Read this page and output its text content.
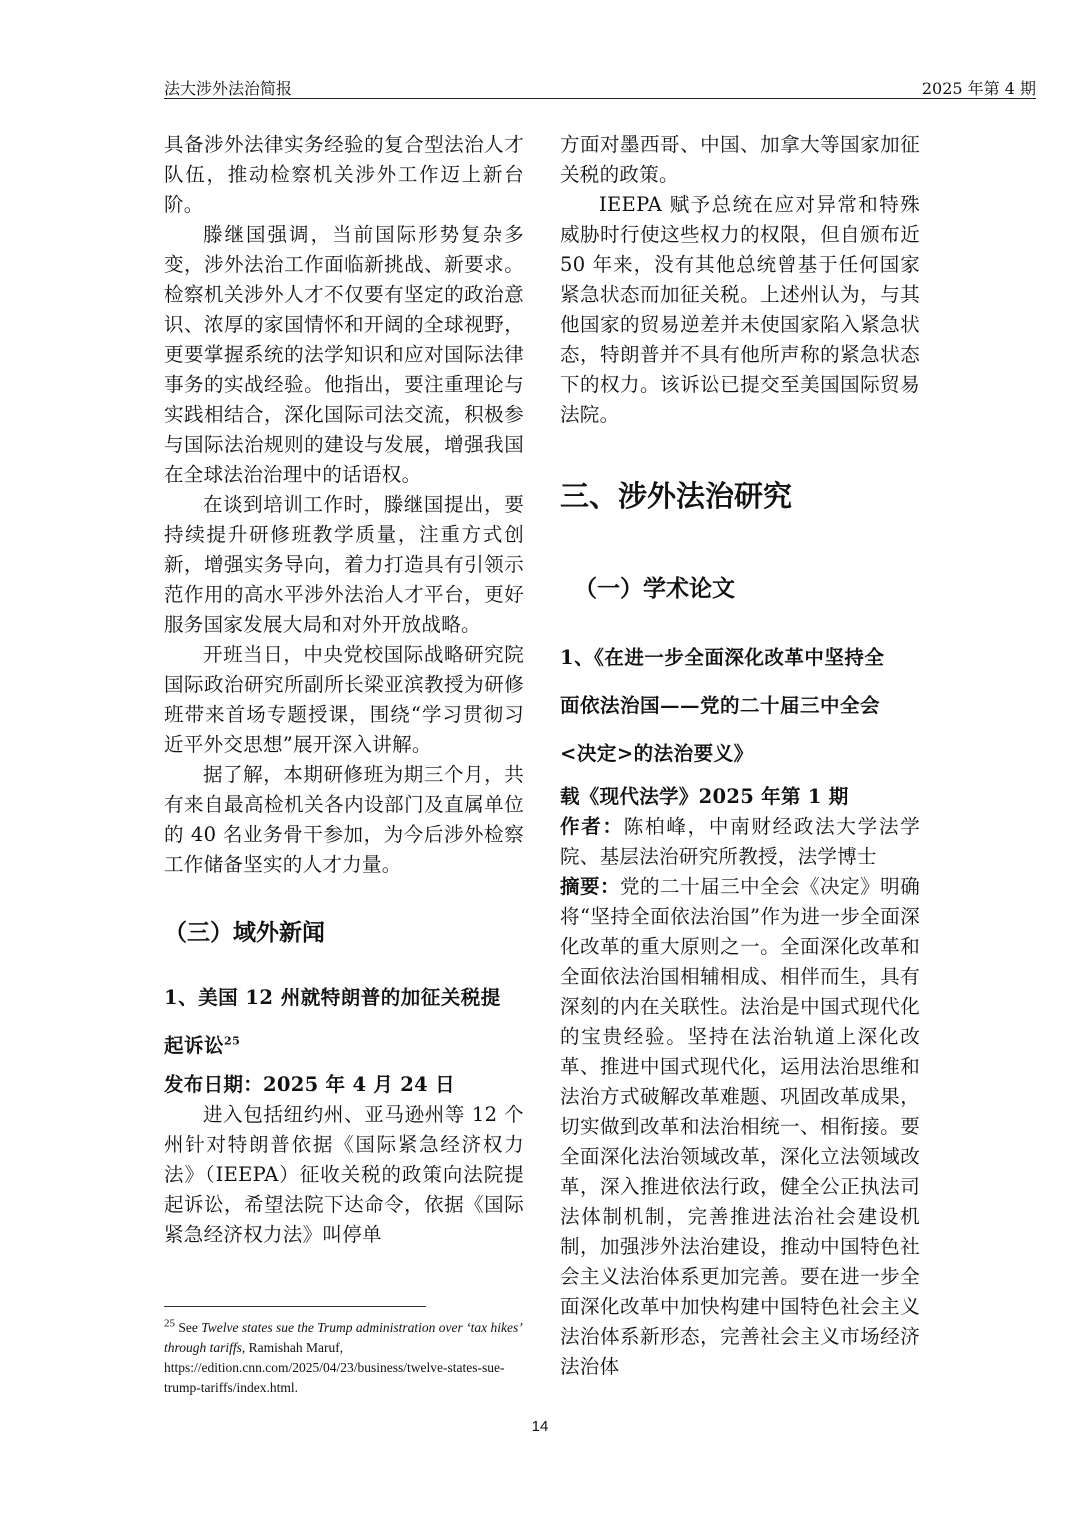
法大涉外法治简报	2025 年第 4 期

具备涉外法律实务经验的复合型法治人才队伍，推动检察机关涉外工作迈上新台阶。

滕继国强调，当前国际形势复杂多变，涉外法治工作面临新挑战、新要求。检察机关涉外人才不仅要有坚定的政治意识、浓厚的家国情怀和开阔的全球视野，更要掌握系统的法学知识和应对国际法律事务的实战经验。他指出，要注重理论与实践相结合，深化国际司法交流，积极参与国际法治规则的建设与发展，增强我国在全球法治治理中的话语权。

在谈到培训工作时，滕继国提出，要持续提升研修班教学质量，注重方式创新，增强实务导向，着力打造具有引领示范作用的高水平涉外法治人才平台，更好服务国家发展大局和对外开放战略。

开班当日，中央党校国际战略研究院国际政治研究所副所长梁亚滨教授为研修班带来首场专题授课，围绕“学习贯彻习近平外交思想”展开深入讲解。

据了解，本期研修班为期三个月，共有来自最高检机关各内设部门及直属单位的 40 名业务骨干参加，为今后涉外检察工作储备坚实的人才力量。

（三）域外新闻

1、美国 12 州就特朗普的加征关税提

起诉讼$^{25}$

发布日期：2025 年 4 月 24 日

进入包括纽约州、亚马逊州等 12 个州针对特朗普依据《国际紧急经济权力法》（IEEPA）征收关税的政策向法院提起诉讼，希望法院下达命令，依据《国际紧急经济权力法》叫停单

$^{25}$ See Twelve states sue the Trump administration over ‘tax hikes’ through tariffs, Ramishah Maruf, https://edition.cnn.com/2025/04/23/business/twelve-states-sue-trump-tariffs/index.html.

方面对墨西哥、中国、加拿大等国家加征关税的政策。

IEEPA 赋予总统在应对异常和特殊威胁时行使这些权力的权限，但自颁布近 50 年来，没有其他总统曾基于任何国家紧急状态而加征关税。上述州认为，与其他国家的贸易逆差并未使国家陷入紧急状态，特朗普并不具有他所声称的紧急状态下的权力。该诉讼已提交至美国国际贸易法院。

三、涉外法治研究
（一）学术论文

1、《在进一步全面深化改革中坚持全

面依法治国——党的二十届三中全会

<决定>的法治要义》

载《现代法学》2025 年第 1 期

作者：陈柏峰，中南财经政法大学法学院、基层法治研究所教授，法学博士

摘要：党的二十届三中全会《决定》明确将“坚持全面依法治国”作为进一步全面深化改革的重大原则之一。全面深化改革和全面依法治国相辅相成、相伴而生，具有深刻的内在关联性。法治是中国式现代化的宝贵经验。坚持在法治轨道上深化改革、推进中国式现代化，运用法治思维和法治方式破解改革难题、巩固改革成果，切实做到改革和法治相统一、相衔接。要全面深化法治领域改革，深化立法领域改革，深入推进依法行政，健全公正执法司法体制机制，完善推进法治社会建设机制，加强涉外法治建设，推动中国特色社会主义法治体系更加完善。要在进一步全面深化改革中加快构建中国特色社会主义法治体系新形态，完善社会主义市场经济法治体

14
